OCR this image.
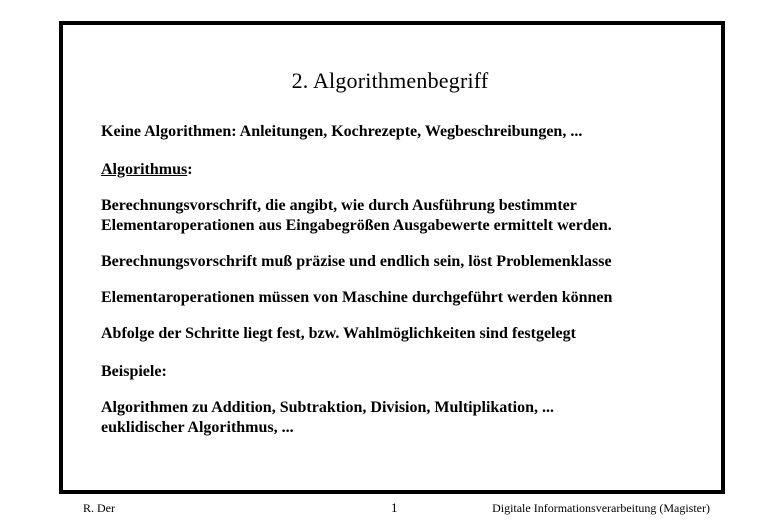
2. Algorithmenbegriff
Keine Algorithmen: Anleitungen, Kochrezepte, Wegbeschreibungen, ...
Algorithmus:
Berechnungsvorschrift, die angibt, wie durch Ausführung bestimmter
Elementaroperationen aus Eingabegrößen Ausgabewerte ermittelt werden.
Berechnungsvorschrift muß präzise und endlich sein, löst Problemenklasse
Elementaroperationen müssen von Maschine durchgeführt werden können
Abfolge der Schritte liegt fest, bzw. Wahlmöglichkeiten sind festgelegt
Beispiele:
Algorithmen zu Addition, Subtraktion, Division, Multiplikation, ...
euklidischer Algorithmus, ...
R. Der	1	Digitale Informationsverarbeitung (Magister)
